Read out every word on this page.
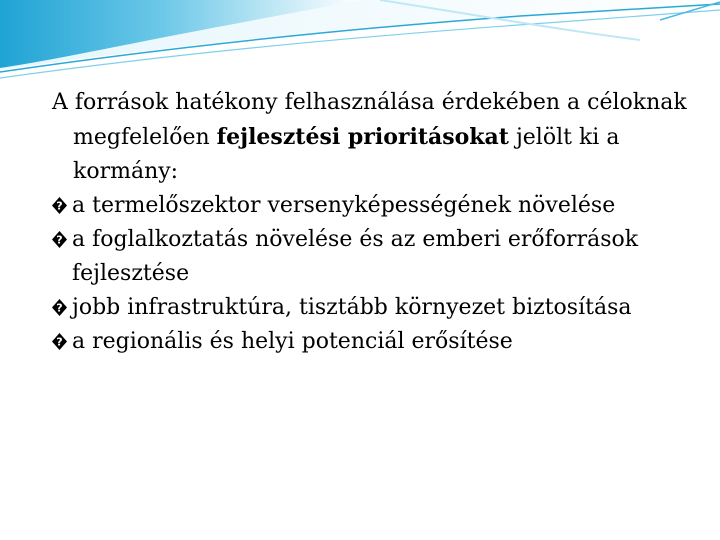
A források hatékony felhasználása érdekében a céloknak megfelelően fejlesztési prioritásokat jelölt ki a kormány:

? a termelőszektor versenyképességének növelése

? a foglalkoztatás növelése és az emberi erőforrások fejlesztése

? jobb infrastruktúra, tisztább környezet biztosítása

? a regionális és helyi potenciál erősítése
